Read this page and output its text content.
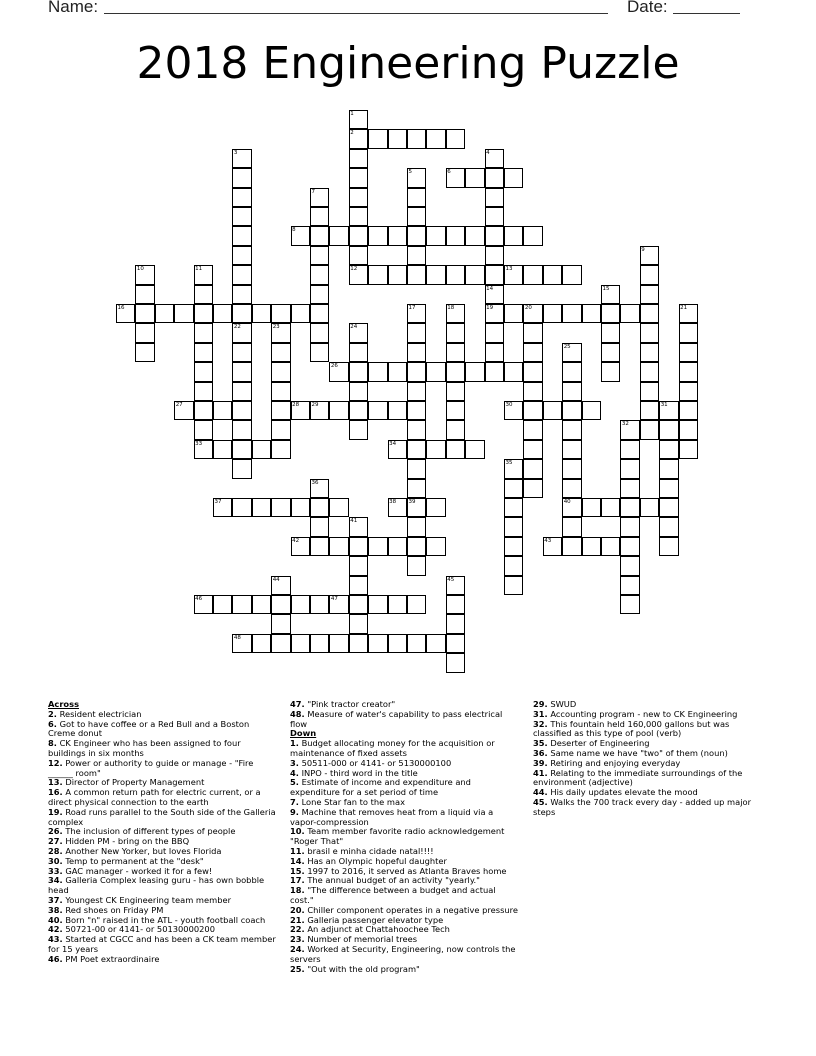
Name:	Date:
2018 Engineering Puzzle
1
2
3	4
5	6
7
8
9
10	11	12	13
14	15
16	17	18	19	20	21
22	23	24
25
26
27	28 29	30	31
32
33	34
35
36
37	38 39	40
41
42	43
44	45
46	47
48
Across
2. Resident electrician
6. Got to have coffee or a Red Bull and a Boston Creme donut
8. CK Engineer who has been assigned to four buildings in six months
12. Power or authority to guide or manage - "Fire ______ room"
13. Director of Property Management
16. A common return path for electric current, or a direct physical connection to the earth
19. Road runs parallel to the South side of the Galleria complex
26. The inclusion of different types of people
27. Hidden PM - bring on the BBQ
28. Another New Yorker, but loves Florida
30. Temp to permanent at the "desk"
33. GAC manager - worked it for a few!
34. Galleria Complex leasing guru - has own bobble head
37. Youngest CK Engineering team member
38. Red shoes on Friday PM
40. Born "n" raised in the ATL - youth football coach
42. 50721-00 or 4141- or 50130000200
43. Started at CGCC and has been a CK team member for 15 years
46. PM Poet extraordinaire
47. "Pink tractor creator"
48. Measure of water's capability to pass electrical flow
Down
1. Budget allocating money for the acquisition or maintenance of fixed assets
3. 50511-000 or 4141- or 5130000100
4. INPO - third word in the title
5. Estimate of income and expenditure and expenditure for a set period of time
7. Lone Star fan to the max
9. Machine that removes heat from a liquid via a vapor-compression
10. Team member favorite radio acknowledgement "Roger That"
11. brasil e minha cidade natal!!!!
14. Has an Olympic hopeful daughter
15. 1997 to 2016, it served as Atlanta Braves home
17. The annual budget of an activity "yearly."
18. "The difference between a budget and actual cost."
20. Chiller component operates in a negative pressure
21. Galleria passenger elevator type
22. An adjunct at Chattahoochee Tech
23. Number of memorial trees
24. Worked at Security, Engineering, now controls the servers
25. "Out with the old program"
29. SWUD
31. Accounting program - new to CK Engineering
32. This fountain held 160,000 gallons but was classified as this type of pool (verb)
35. Deserter of Engineering
36. Same name we have "two" of them (noun)
39. Retiring and enjoying everyday
41. Relating to the immediate surroundings of the environment (adjective)
44. His daily updates elevate the mood
45. Walks the 700 track every day - added up major steps
